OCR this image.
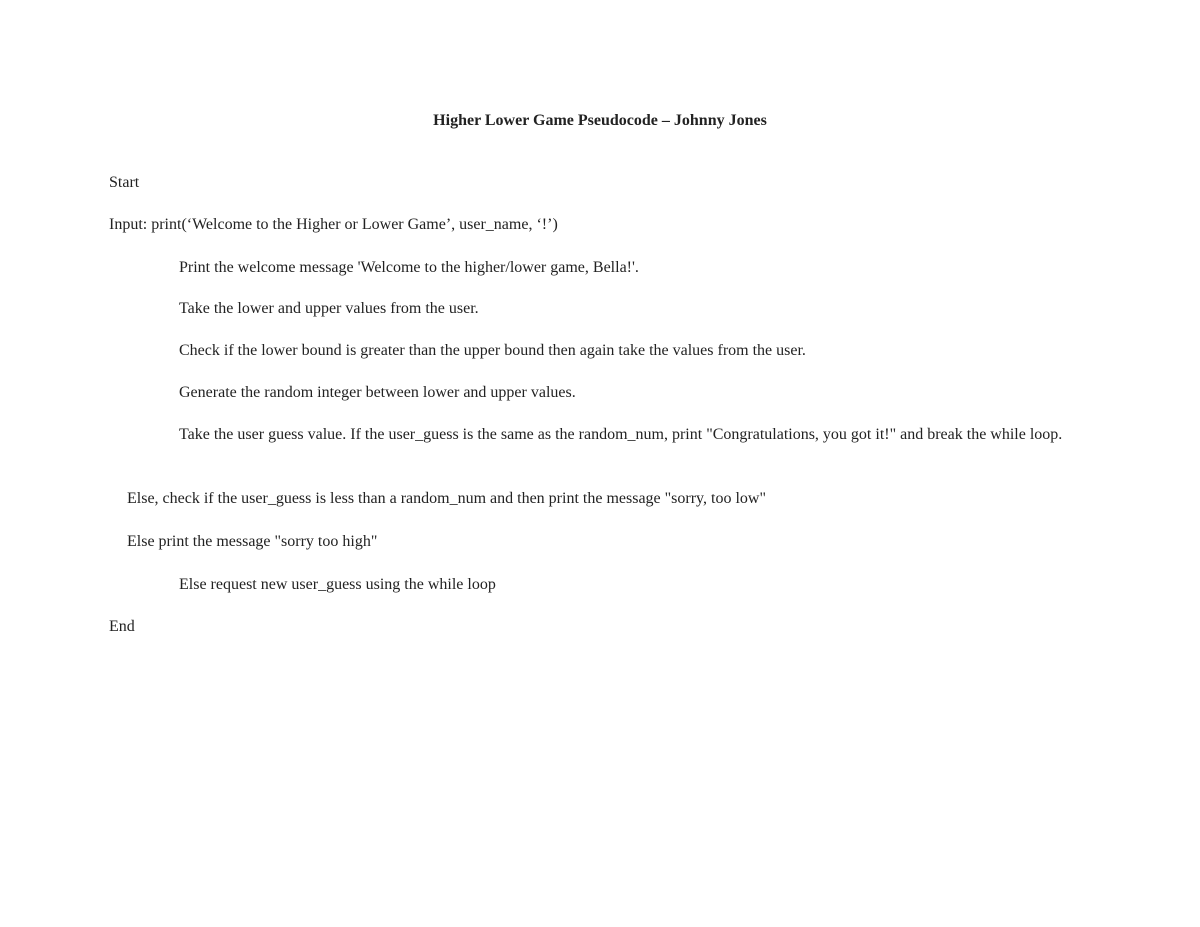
Higher Lower Game Pseudocode – Johnny Jones

Start

Input: print(‘Welcome to the Higher or Lower Game’, user_name, ‘!’)

Print the welcome message 'Welcome to the higher/lower game, Bella!'.

Take the lower and upper values from the user.

Check if the lower bound is greater than the upper bound then again take the values from the user.

Generate the random integer between lower and upper values.

Take the user guess value. If the user_guess is the same as the random_num, print "Congratulations, you got it!" and break the while loop.

Else, check if the user_guess is less than a random_num and then print the message "sorry, too low"

Else print the message "sorry too high"

Else request new user_guess using the while loop

End
